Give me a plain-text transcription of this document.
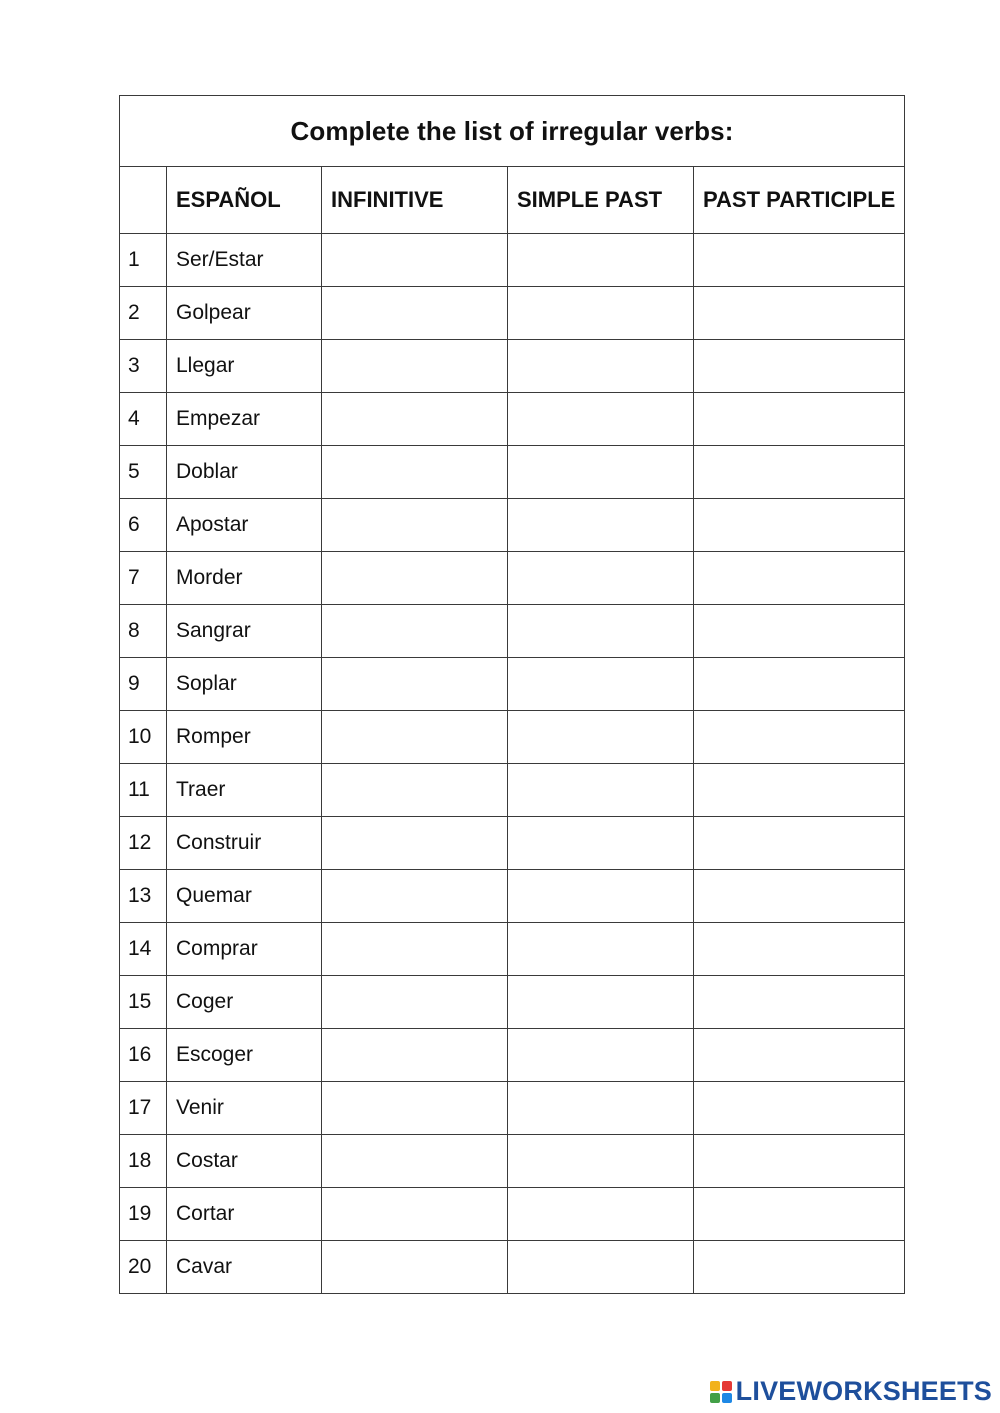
Complete the list of irregular verbs:				
	ESPAÑOL	INFINITIVE	SIMPLE PAST	PAST PARTICIPLE
1	Ser/Estar			
2	Golpear			
3	Llegar			
4	Empezar			
5	Doblar			
6	Apostar			
7	Morder			
8	Sangrar			
9	Soplar			
10	Romper			
11	Traer			
12	Construir			
13	Quemar			
14	Comprar			
15	Coger			
16	Escoger			
17	Venir			
18	Costar			
19	Cortar			
20	Cavar			
LIVEWORKSHEETS
